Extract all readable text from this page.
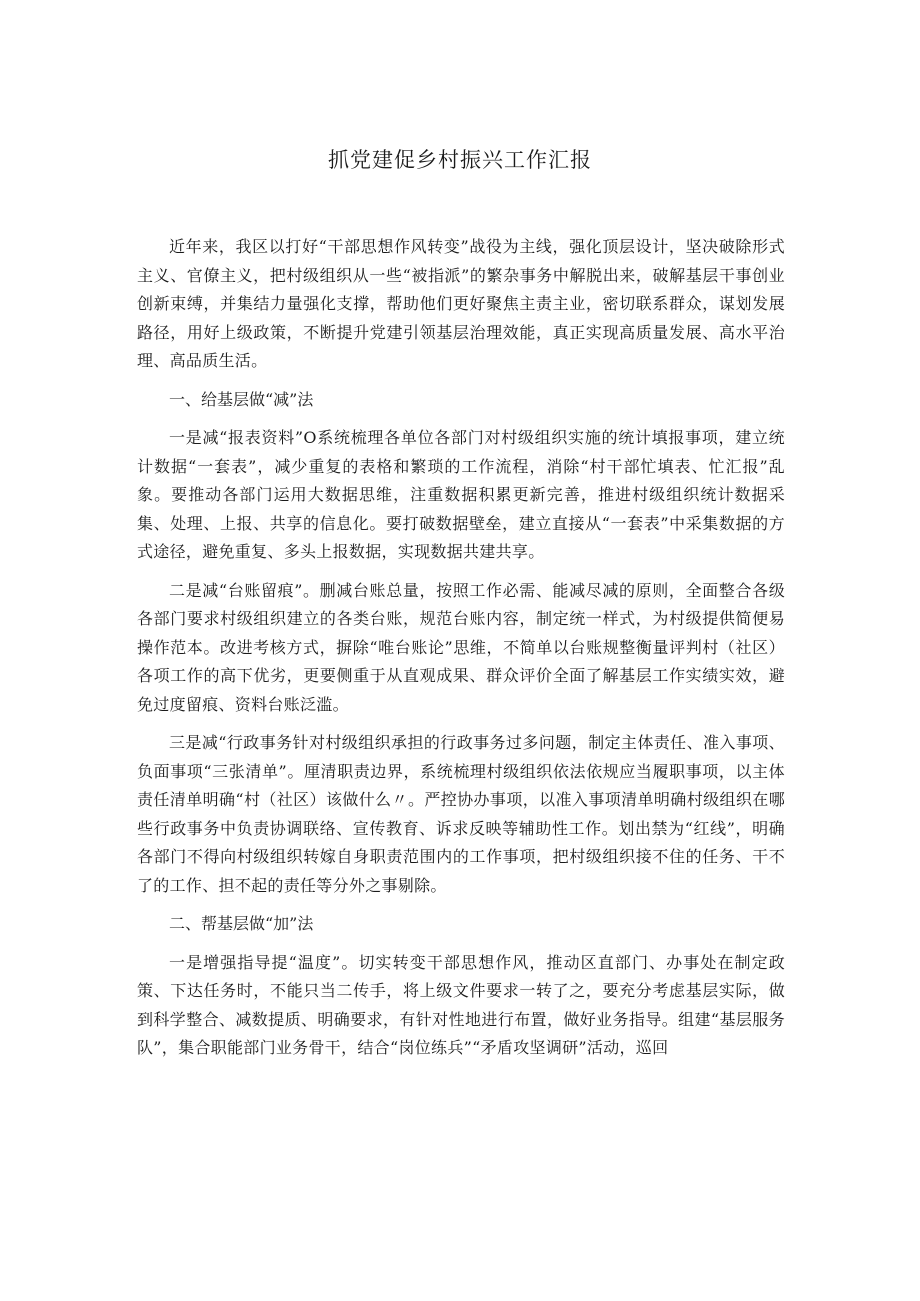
抓党建促乡村振兴工作汇报

近年来，我区以打好“干部思想作风转变”战役为主线，强化顶层设计，坚决破除形式主义、官僚主义，把村级组织从一些“被指派”的繁杂事务中解脱出来，破解基层干事创业创新束缚，并集结力量强化支撑，帮助他们更好聚焦主责主业，密切联系群众，谋划发展路径，用好上级政策，不断提升党建引领基层治理效能，真正实现高质量发展、高水平治理、高品质生活。

一、给基层做“减”法

一是减“报表资料”O系统梳理各单位各部门对村级组织实施的统计填报事项，建立统计数据“一套表”，减少重复的表格和繁琐的工作流程，消除“村干部忙填表、忙汇报”乱象。要推动各部门运用大数据思维，注重数据积累更新完善，推进村级组织统计数据采集、处理、上报、共享的信息化。要打破数据壁垒，建立直接从“一套表”中采集数据的方式途径，避免重复、多头上报数据，实现数据共建共享。

二是减“台账留痕”。删减台账总量，按照工作必需、能减尽减的原则，全面整合各级各部门要求村级组织建立的各类台账，规范台账内容，制定统一样式，为村级提供简便易操作范本。改进考核方式，摒除“唯台账论”思维，不简单以台账规整衡量评判村（社区）各项工作的高下优劣，更要侧重于从直观成果、群众评价全面了解基层工作实绩实效，避免过度留痕、资料台账泛滥。

三是减“行政事务针对村级组织承担的行政事务过多问题，制定主体责任、准入事项、负面事项“三张清单”。厘清职责边界，系统梳理村级组织依法依规应当履职事项，以主体责任清单明确“村（社区）该做什么〃。严控协办事项，以准入事项清单明确村级组织在哪些行政事务中负责协调联络、宣传教育、诉求反映等辅助性工作。划出禁为“红线”，明确各部门不得向村级组织转嫁自身职责范围内的工作事项，把村级组织接不住的任务、干不了的工作、担不起的责任等分外之事剔除。

二、帮基层做“加”法

一是增强指导提“温度”。切实转变干部思想作风，推动区直部门、办事处在制定政策、下达任务时，不能只当二传手，将上级文件要求一转了之，要充分考虑基层实际，做到科学整合、减数提质、明确要求，有针对性地进行布置，做好业务指导。组建“基层服务队”，集合职能部门业务骨干，结合“岗位练兵”“矛盾攻坚调研”活动，巡回
